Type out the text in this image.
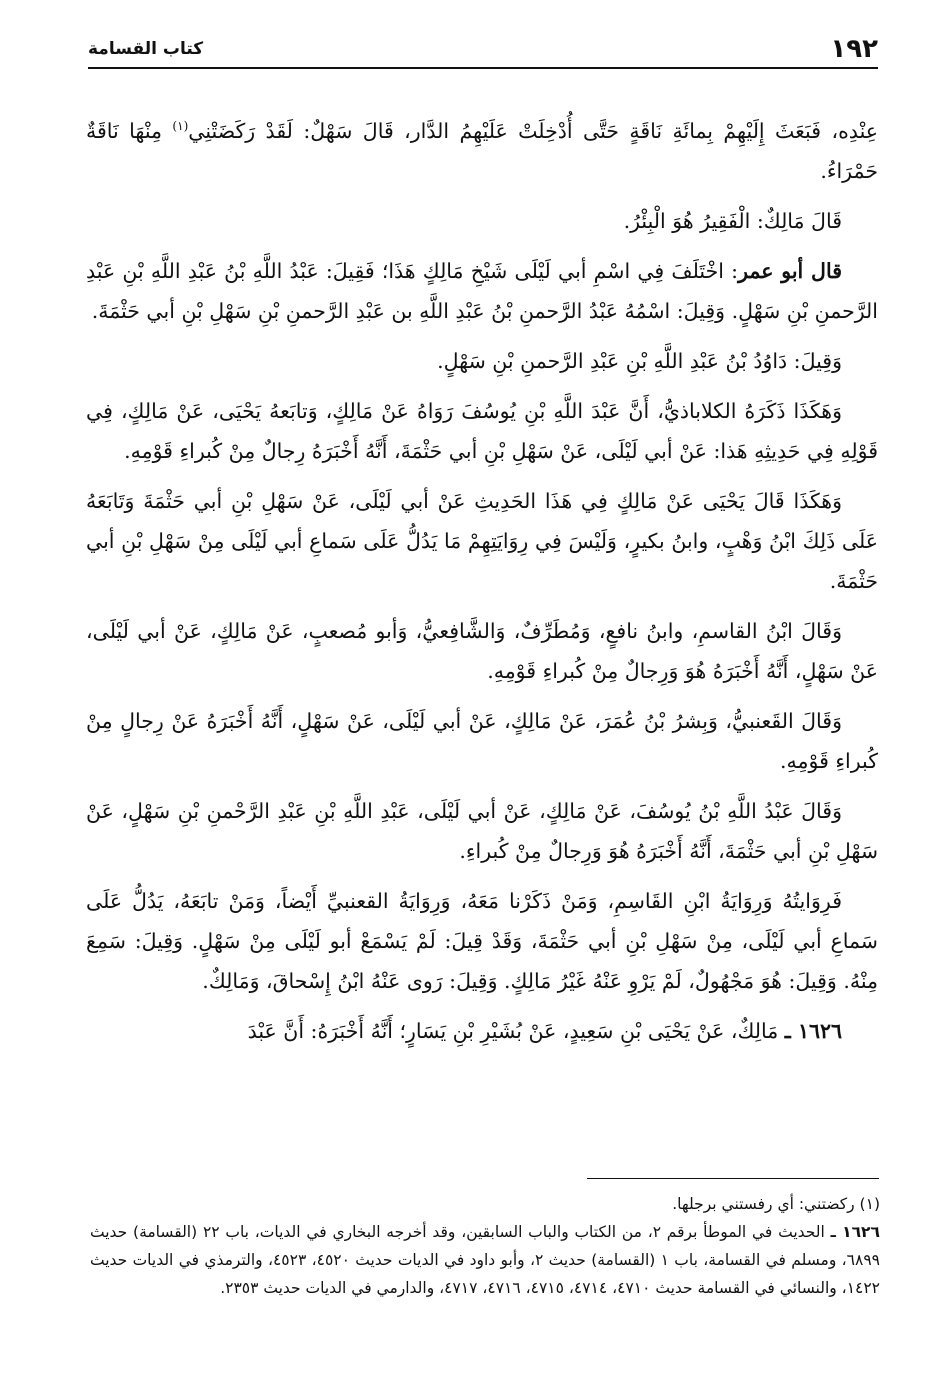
١٩٢
كتاب القسامة

عِنْدِه، فَبَعَثَ إِلَيْهِمْ بِمائَةِ نَاقَةٍ حَتَّى أُدْخِلَتْ عَلَيْهِمُ الدَّار، قَالَ سَهْلٌ: لَقَدْ رَكَضَتْنِي$^{(١)}$ مِنْهَا نَاقَةٌ حَمْرَاءُ.

قَالَ مَالِكٌ: الْفَقِيرُ هُوَ الْبِئْرُ.

قال أبو عمر: اخْتَلَفَ فِي اسْمِ أبي لَيْلَى شَيْخِ مَالِكٍ هَذَا؛ فَقِيلَ: عَبْدُ اللَّهِ بْنُ عَبْدِ اللَّهِ بْنِ عَبْدِ الرَّحمنِ بْنِ سَهْلٍ. وَقِيلَ: اسْمُهُ عَبْدُ الرَّحمنِ بْنُ عَبْدِ اللَّهِ بن عَبْدِ الرَّحمنِ بْنِ سَهْلِ بْنِ أبي حَثْمَةَ.

وَقِيلَ: دَاوُدُ بْنُ عَبْدِ اللَّهِ بْنِ عَبْدِ الرَّحمنِ بْنِ سَهْلٍ.

وَهَكَذَا ذَكَرَهُ الكلاباذيُّ، أَنَّ عَبْدَ اللَّهِ بْنِ يُوسُفَ رَوَاهُ عَنْ مَالِكٍ، وَتابَعهُ يَحْيَى، عَنْ مَالِكٍ، فِي قَوْلِهِ فِي حَدِيثِهِ هَذا: عَنْ أبي لَيْلَى، عَنْ سَهْلِ بْنِ أبي حَثْمَةَ، أَنَّهُ أَخْبَرَهُ رِجالٌ مِنْ كُبراءِ قَوْمِهِ.

وَهَكَذَا قَالَ يَحْيَى عَنْ مَالِكٍ فِي هَذَا الحَدِيثِ عَنْ أبي لَيْلَى، عَنْ سَهْلِ بْنِ أبي حَثْمَةَ وَتَابَعَهُ عَلَى ذَلِكَ ابْنُ وَهْبٍ، وابنُ بكيرٍ، وَلَيْسَ فِي رِوَايَتِهِمْ مَا يَدُلُّ عَلَى سَماعِ أبي لَيْلَى مِنْ سَهْلِ بْنِ أبي حَثْمَةَ.

وَقَالَ ابْنُ القاسمِ، وابنُ نافعٍ، وَمُطَرِّفٌ، وَالشَّافِعيُّ، وَأبو مُصعبٍ، عَنْ مَالِكٍ، عَنْ أبي لَيْلَى، عَنْ سَهْلٍ، أَنَّهُ أَخْبَرَهُ هُوَ وَرِجالٌ مِنْ كُبراءِ قَوْمِهِ.

وَقَالَ القَعنبيُّ، وَبِشرُ بْنُ عُمَرَ، عَنْ مَالِكٍ، عَنْ أبي لَيْلَى، عَنْ سَهْلٍ، أَنَّهُ أَخْبَرَهُ عَنْ رِجالٍ مِنْ كُبراءِ قَوْمِهِ.

وَقَالَ عَبْدُ اللَّهِ بْنُ يُوسُفَ، عَنْ مَالِكٍ، عَنْ أبي لَيْلَى، عَبْدِ اللَّهِ بْنِ عَبْدِ الرَّحْمنِ بْنِ سَهْلٍ، عَنْ سَهْلِ بْنِ أبي حَثْمَةَ، أَنَّهُ أَخْبَرَهُ هُوَ وَرِجالٌ مِنْ كُبراءِ.

فَرِوَايتُهُ وَرِوَايَةُ ابْنِ القَاسِمِ، وَمَنْ ذَكَرْنا مَعَهُ، وَرِوَايَةُ القعنبيِّ أَيْضاً، وَمَنْ تابَعَهُ، يَدُلُّ عَلَى سَماعِ أبي لَيْلَى، مِنْ سَهْلِ بْنِ أبي حَثْمَةَ، وَقَدْ قِيلَ: لَمْ يَسْمَعْ أبو لَيْلَى مِنْ سَهْلٍ. وَقِيلَ: سَمِعَ مِنْهُ. وَقِيلَ: هُوَ مَجْهُولٌ، لَمْ يَرْوِ عَنْهُ غَيْرُ مَالِكٍ. وَقِيلَ: رَوى عَنْهُ ابْنُ إِسْحاقَ، وَمَالِكٌ.

١٦٢٦ ـ مَالِكٌ، عَنْ يَحْيَى بْنِ سَعِيدٍ، عَنْ بُشَيْرِ بْنِ يَسَارٍ؛ أَنَّهُ أَخْبَرَهُ: أَنَّ عَبْدَ

(١) ركضتني: أي رفستني برجلها.

١٦٢٦ ـ الحديث في الموطأ برقم ٢، من الكتاب والباب السابقين، وقد أخرجه البخاري في الديات، باب ٢٢ (القسامة) حديث ٦٨٩٩، ومسلم في القسامة، باب ١ (القسامة) حديث ٢، وأبو داود في الديات حديث ٤٥٢٠، ٤٥٢٣، والترمذي في الديات حديث ١٤٢٢، والنسائي في القسامة حديث ٤٧١٠، ٤٧١٤، ٤٧١٥، ٤٧١٦، ٤٧١٧، والدارمي في الديات حديث ٢٣٥٣.
